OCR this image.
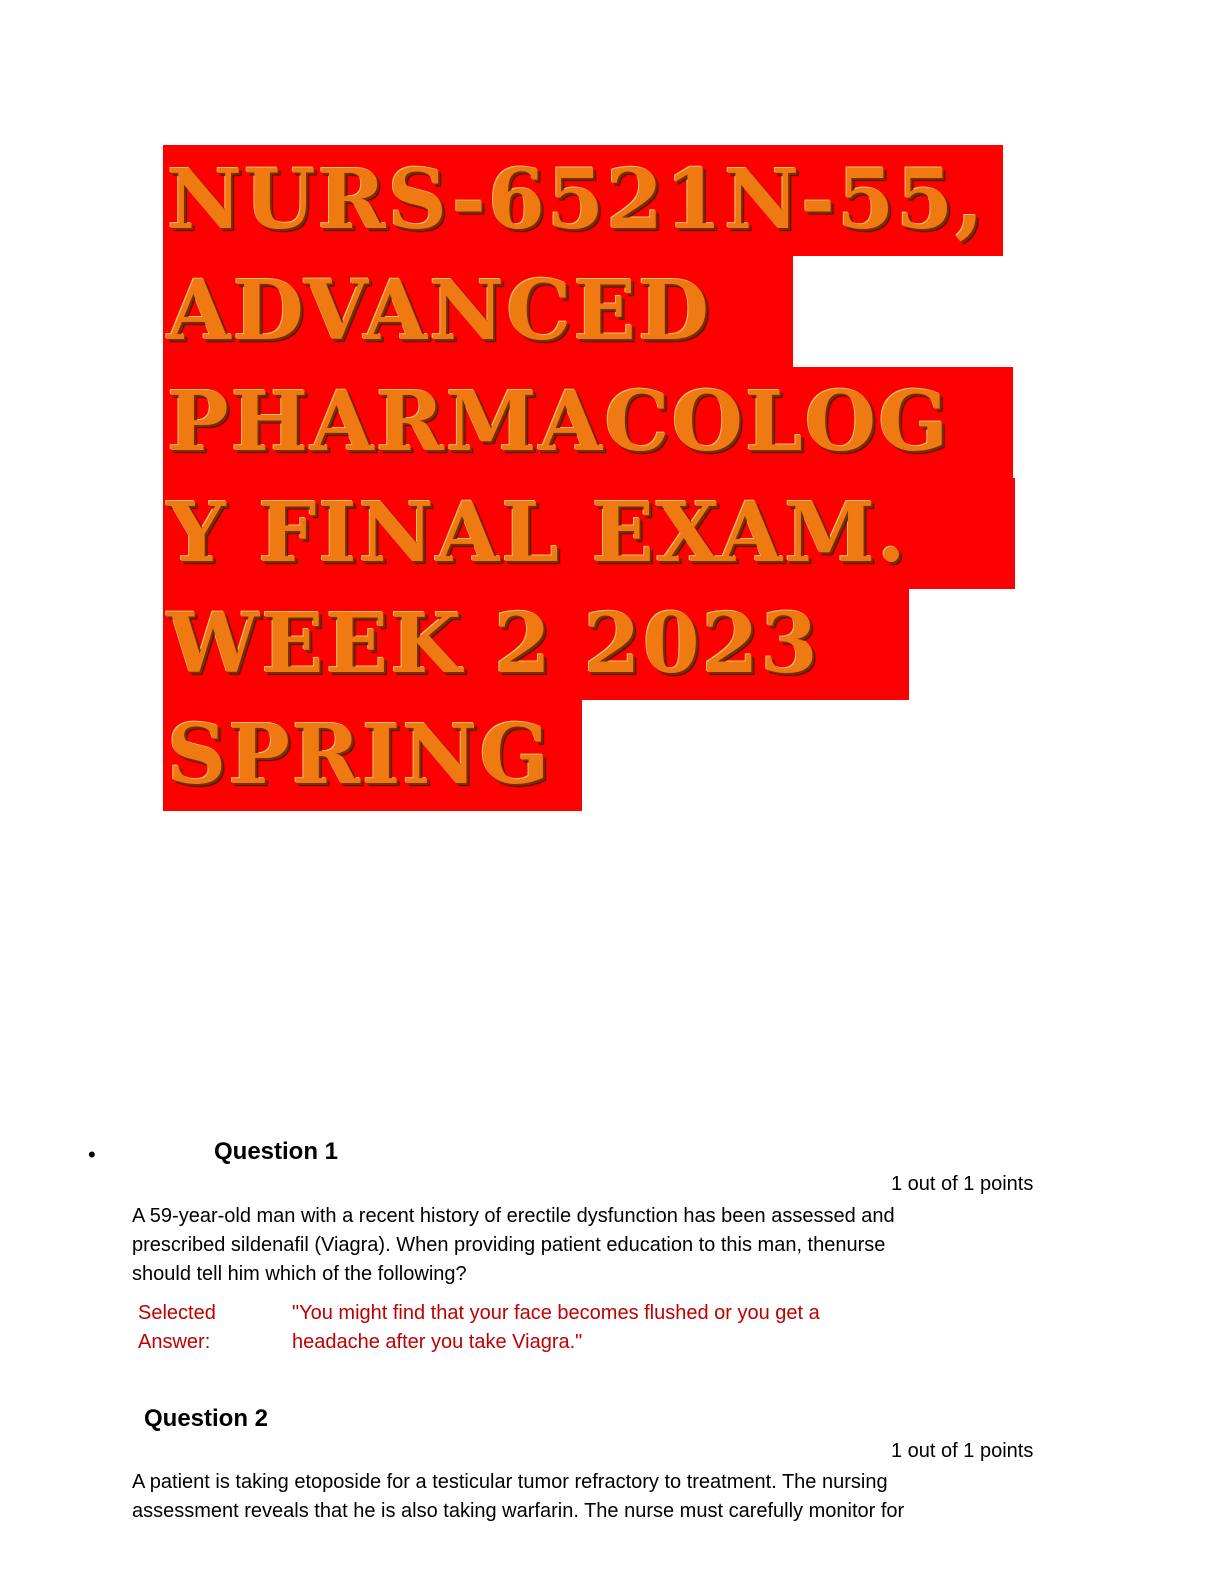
NURS-6521N-55,
ADVANCED
PHARMACOLOG
Y FINAL EXAM.
WEEK 2 2023
SPRING
•	Question 1
1 out of 1 points
A 59-year-old man with a recent history of erectile dysfunction has been assessed and
prescribed sildenafil (Viagra). When providing patient education to this man, thenurse
should tell him which of the following?
Selected
Answer:
"You might find that your face becomes flushed or you get a
headache after you take Viagra."
Question 2
1 out of 1 points
A patient is taking etoposide for a testicular tumor refractory to treatment. The nursing
assessment reveals that he is also taking warfarin. The nurse must carefully monitor for
